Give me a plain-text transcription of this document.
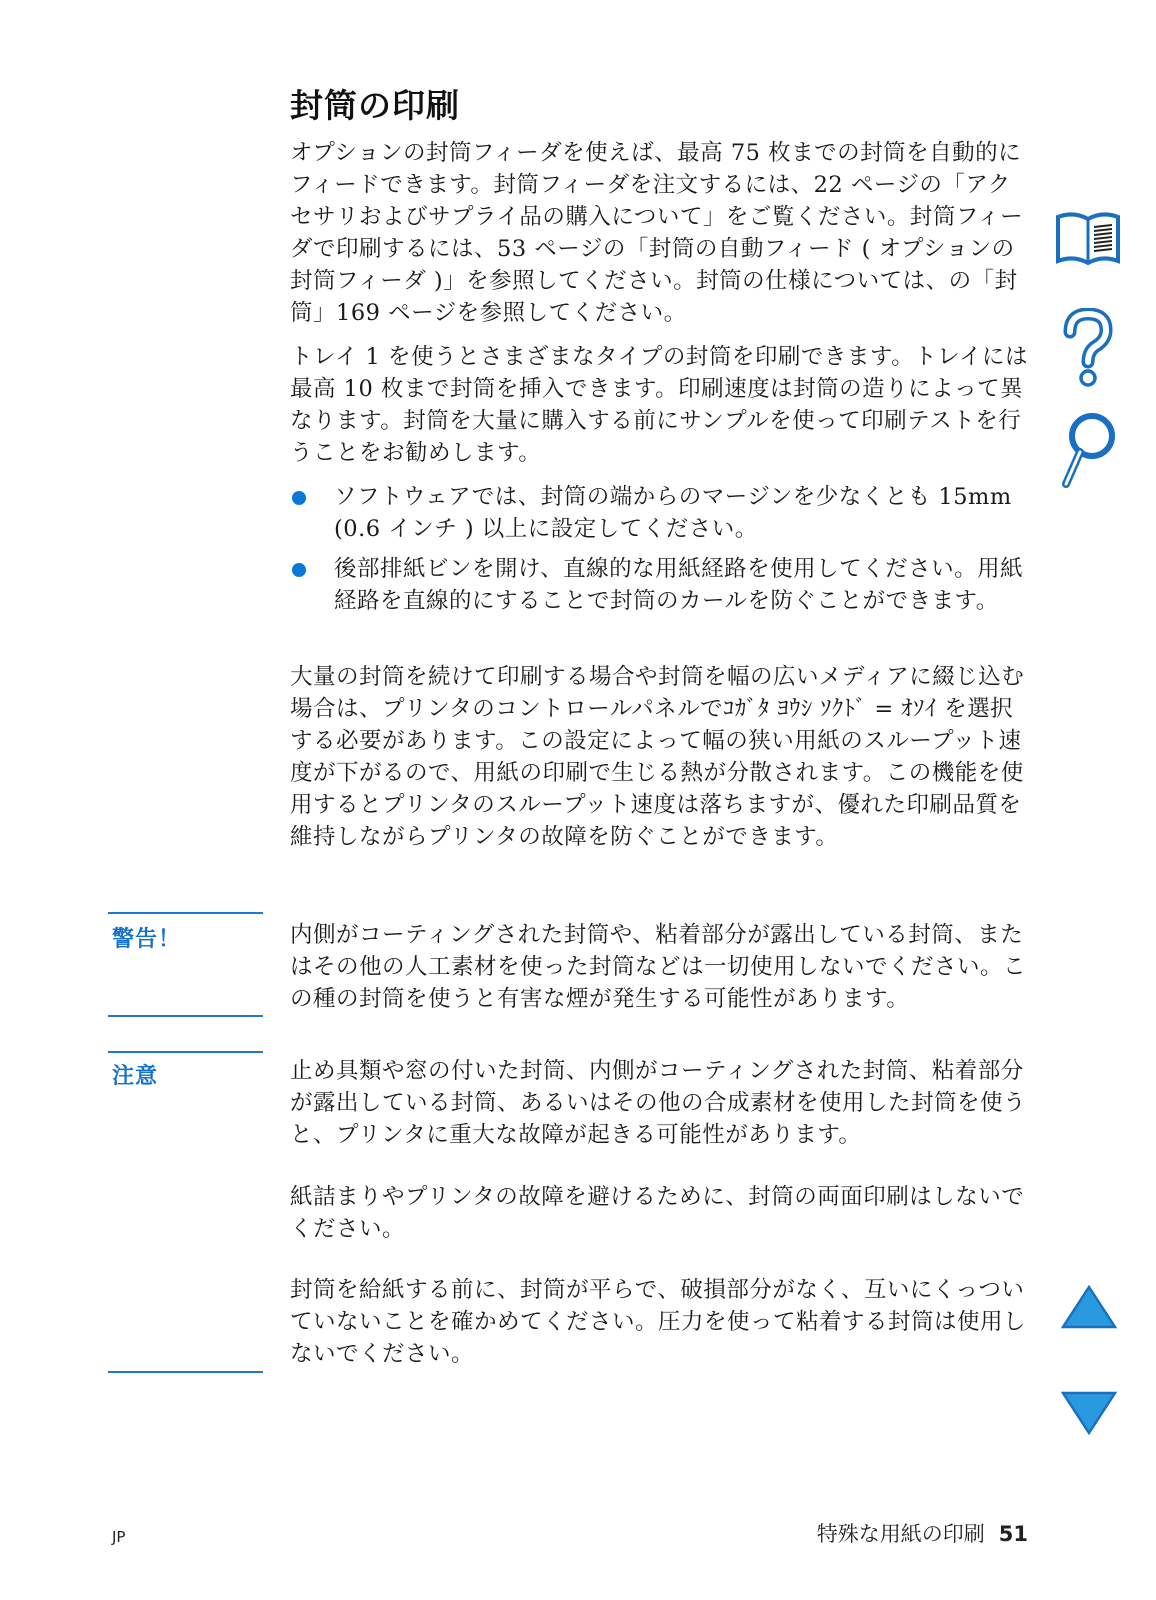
封筒の印刷

オプションの封筒フィーダを使えば、最高 75 枚までの封筒を自動的にフィードできます。封筒フィーダを注文するには、22 ページの「アクセサリおよびサプライ品の購入について」をご覧ください。封筒フィーダで印刷するには、53 ページの「封筒の自動フィード ( オプションの封筒フィーダ )」を参照してください。封筒の仕様については、の「封筒」169 ページを参照してください。

トレイ 1 を使うとさまざまなタイプの封筒を印刷できます。トレイには最高 10 枚まで封筒を挿入できます。印刷速度は封筒の造りによって異なります。封筒を大量に購入する前にサンプルを使って印刷テストを行うことをお勧めします。

ソフトウェアでは、封筒の端からのマージンを少なくとも 15mm (0.6 インチ ) 以上に設定してください。
後部排紙ビンを開け、直線的な用紙経路を使用してください。用紙経路を直線的にすることで封筒のカールを防ぐことができます。

大量の封筒を続けて印刷する場合や封筒を幅の広いメディアに綴じ込む場合は、プリンタのコントロールパネルでｺｶﾞﾀ ﾖｳｼ ｿｸﾄﾞ = ｵｿｲ を選択する必要があります。この設定によって幅の狭い用紙のスループット速度が下がるので、用紙の印刷で生じる熱が分散されます。この機能を使用するとプリンタのスループット速度は落ちますが、優れた印刷品質を維持しながらプリンタの故障を防ぐことができます。

警告！	内側がコーティングされた封筒や、粘着部分が露出している封筒、またはその他の人工素材を使った封筒などは一切使用しないでください。この種の封筒を使うと有害な煙が発生する可能性があります。

注意	止め具類や窓の付いた封筒、内側がコーティングされた封筒、粘着部分が露出している封筒、あるいはその他の合成素材を使用した封筒を使うと、プリンタに重大な故障が起きる可能性があります。

紙詰まりやプリンタの故障を避けるために、封筒の両面印刷はしないでください。

封筒を給紙する前に、封筒が平らで、破損部分がなく、互いにくっついていないことを確かめてください。圧力を使って粘着する封筒は使用しないでください。

JP	特殊な用紙の印刷 51
